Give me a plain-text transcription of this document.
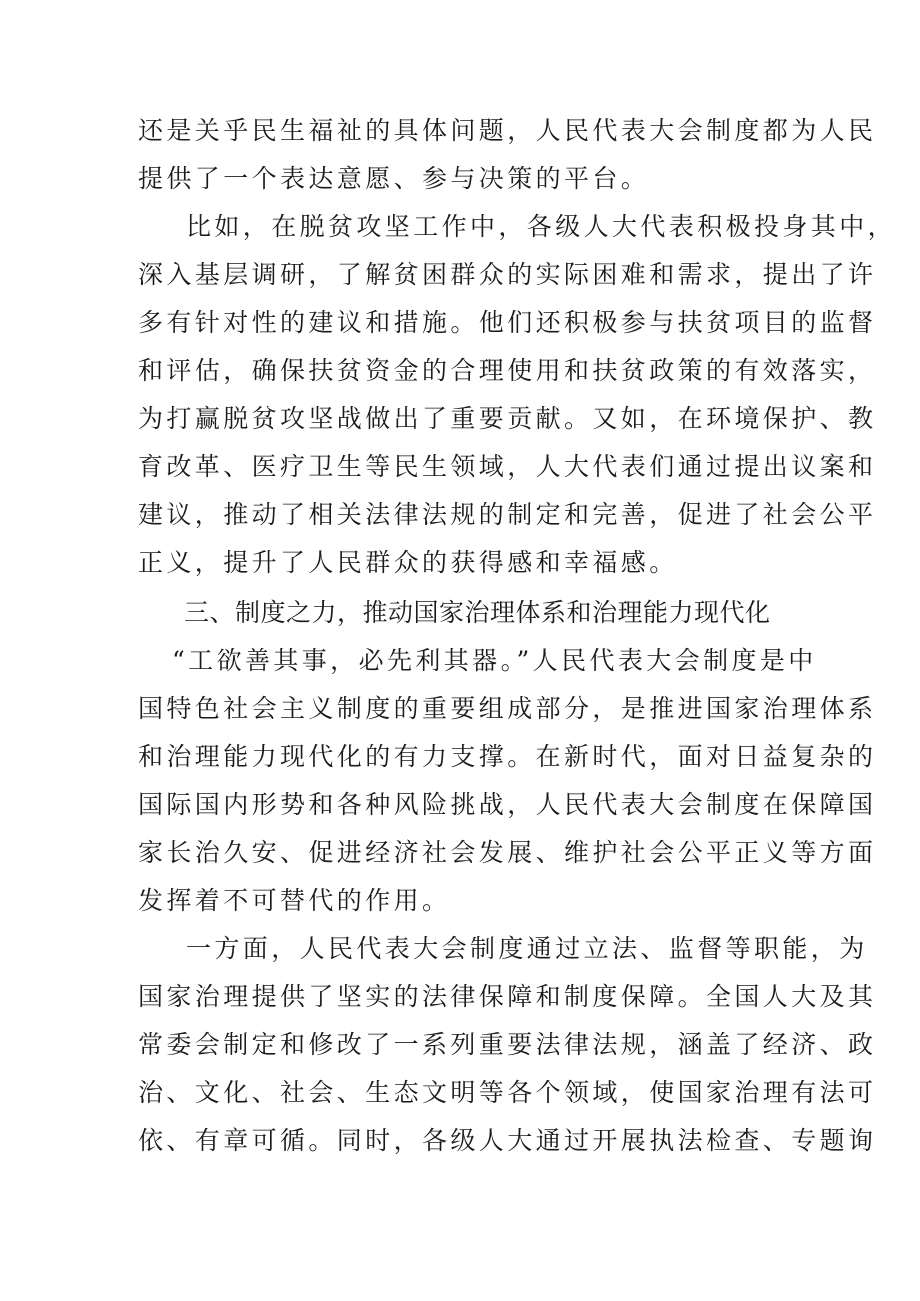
还是关乎民生福祉的具体问题，人民代表大会制度都为人民
提供了一个表达意愿、参与决策的平台。
比如，在脱贫攻坚工作中，各级人大代表积极投身其中，
深入基层调研，了解贫困群众的实际困难和需求，提出了许
多有针对性的建议和措施。他们还积极参与扶贫项目的监督
和评估，确保扶贫资金的合理使用和扶贫政策的有效落实，
为打赢脱贫攻坚战做出了重要贡献。又如，在环境保护、教
育改革、医疗卫生等民生领域，人大代表们通过提出议案和
建议，推动了相关法律法规的制定和完善，促进了社会公平
正义，提升了人民群众的获得感和幸福感。
三、制度之力，推动国家治理体系和治理能力现代化
“工欲善其事，必先利其器。”人民代表大会制度是中
国特色社会主义制度的重要组成部分，是推进国家治理体系
和治理能力现代化的有力支撑。在新时代，面对日益复杂的
国际国内形势和各种风险挑战，人民代表大会制度在保障国
家长治久安、促进经济社会发展、维护社会公平正义等方面
发挥着不可替代的作用。
一方面，人民代表大会制度通过立法、监督等职能，为
国家治理提供了坚实的法律保障和制度保障。全国人大及其
常委会制定和修改了一系列重要法律法规，涵盖了经济、政
治、文化、社会、生态文明等各个领域，使国家治理有法可
依、有章可循。同时，各级人大通过开展执法检查、专题询
